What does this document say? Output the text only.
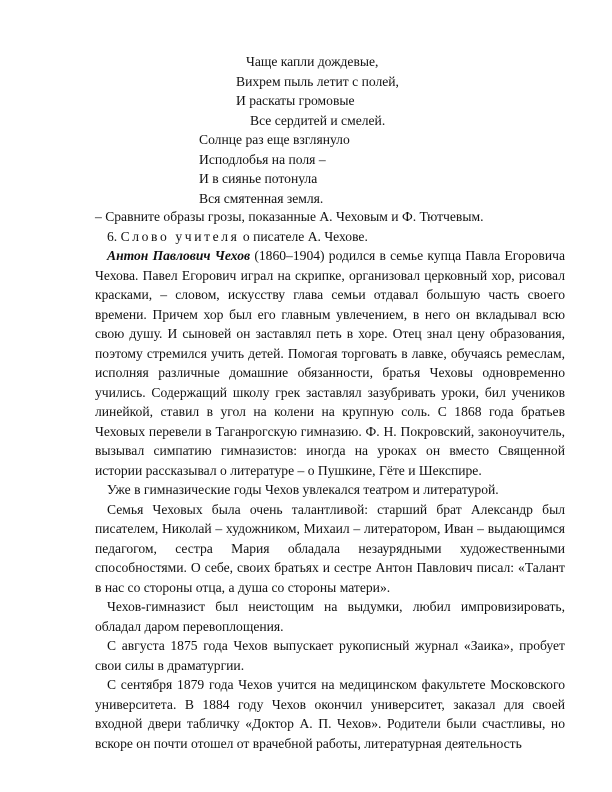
Чаще капли дождевые,
Вихрем пыль летит с полей,
И раскаты громовые
Все сердитей и смелей.
Солнце раз еще взглянуло
Исподлобья на поля –
И в сиянье потонула
Вся смятенная земля.

– Сравните образы грозы, показанные А. Чеховым и Ф. Тютчевым.

6. Слово учителя о писателе А. Чехове.

Антон Павлович Чехов (1860–1904) родился в семье купца Павла Егоровича Чехова. Павел Егорович играл на скрипке, организовал церковный хор, рисовал красками, – словом, искусству глава семьи отдавал большую часть своего времени. Причем хор был его главным увлечением, в него он вкладывал всю свою душу. И сыновей он заставлял петь в хоре. Отец знал цену образования, поэтому стремился учить детей. Помогая торговать в лавке, обучаясь ремеслам, исполняя различные домашние обязанности, братья Чеховы одновременно учились. Содержащий школу грек заставлял зазубривать уроки, бил учеников линейкой, ставил в угол на колени на крупную соль. С 1868 года братьев Чеховых перевели в Таганрогскую гимназию. Ф. Н. Покровский, законоучитель, вызывал симпатию гимназистов: иногда на уроках он вместо Священной истории рассказывал о литературе – о Пушкине, Гёте и Шекспире.

Уже в гимназические годы Чехов увлекался театром и литературой.

Семья Чеховых была очень талантливой: старший брат Александр был писателем, Николай – художником, Михаил – литератором, Иван – выдающимся педагогом, сестра Мария обладала незаурядными художественными способностями. О себе, своих братьях и сестре Антон Павлович писал: «Талант в нас со стороны отца, а душа со стороны матери».

Чехов-гимназист был неистощим на выдумки, любил импровизировать, обладал даром перевоплощения.

С августа 1875 года Чехов выпускает рукописный журнал «Заика», пробует свои силы в драматургии.

С сентября 1879 года Чехов учится на медицинском факультете Московского университета. В 1884 году Чехов окончил университет, заказал для своей входной двери табличку «Доктор А. П. Чехов». Родители были счастливы, но вскоре он почти отошел от врачебной работы, литературная деятельность
